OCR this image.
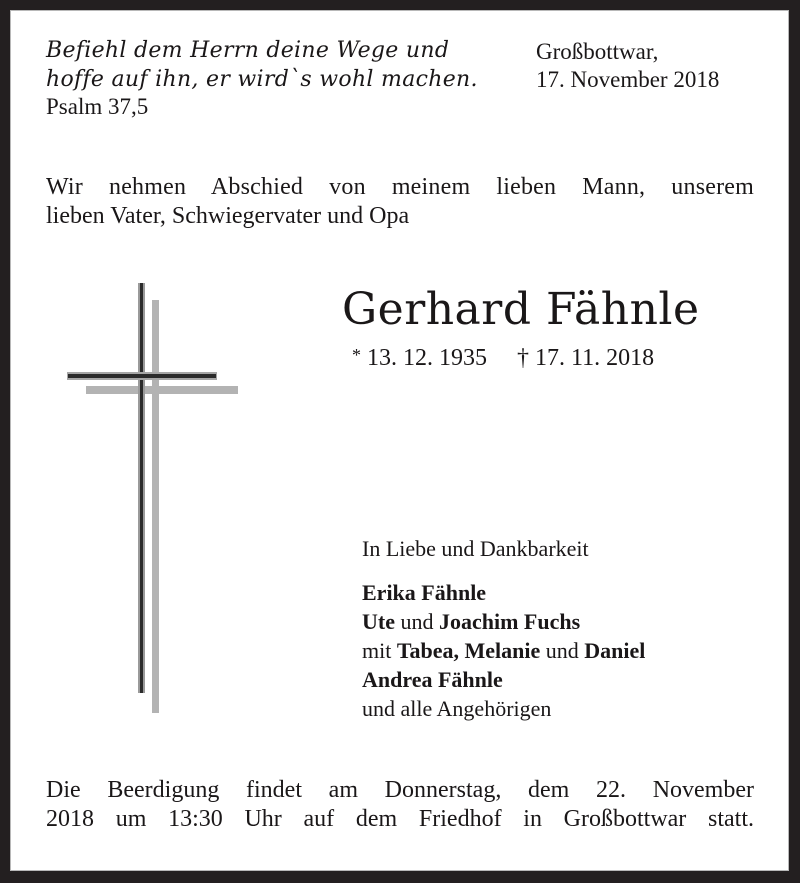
Befiehl dem Herrn deine Wege und

hoffe auf ihn, er wird`s wohl machen.

Psalm 37,5

Großbottwar,

17. November 2018

Wir nehmen Abschied von meinem lieben Mann, unserem

lieben Vater, Schwiegervater und Opa

Gerhard Fähnle

* 13. 12. 1935 † 17. 11. 2018

In Liebe und Dankbarkeit

Erika Fähnle

Ute und Joachim Fuchs

mit Tabea, Melanie und Daniel

Andrea Fähnle

und alle Angehörigen

Die Beerdigung findet am Donnerstag, dem 22. November

2018 um 13:30 Uhr auf dem Friedhof in Großbottwar statt.
